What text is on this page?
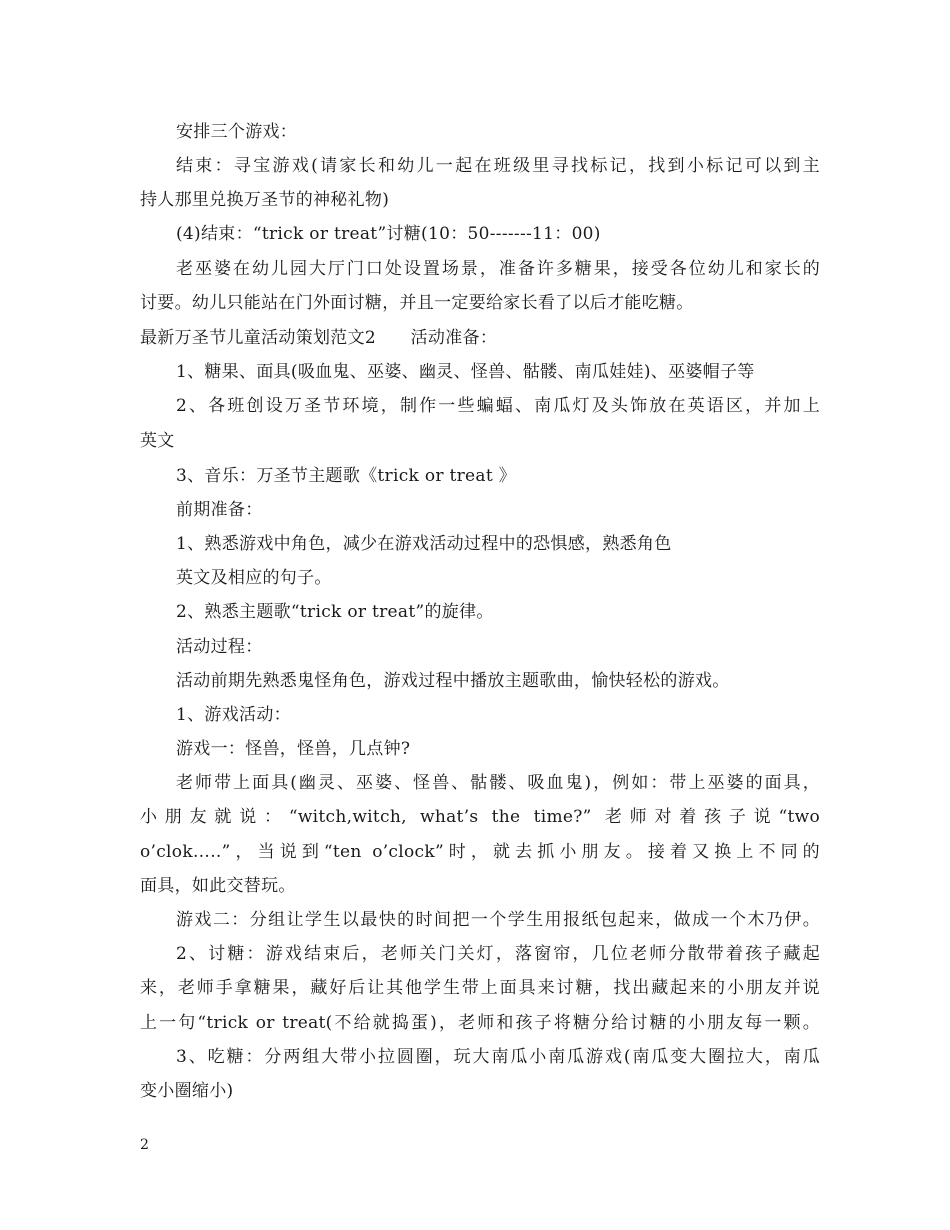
安排三个游戏：
结束：寻宝游戏(请家长和幼儿一起在班级里寻找标记，找到小标记可以到主
持人那里兑换万圣节的神秘礼物)
(4)结束：“trick or treat”讨糖(10：50-------11：00)
老巫婆在幼儿园大厅门口处设置场景，准备许多糖果，接受各位幼儿和家长的
讨要。幼儿只能站在门外面讨糖，并且一定要给家长看了以后才能吃糖。
最新万圣节儿童活动策划范文2　　活动准备：
1、糖果、面具(吸血鬼、巫婆、幽灵、怪兽、骷髅、南瓜娃娃)、巫婆帽子等
2、各班创设万圣节环境，制作一些蝙蝠、南瓜灯及头饰放在英语区，并加上
英文
3、音乐：万圣节主题歌《trick or treat 》
前期准备：
1、熟悉游戏中角色，减少在游戏活动过程中的恐惧感，熟悉角色
英文及相应的句子。
2、熟悉主题歌“trick or treat”的旋律。
活动过程：
活动前期先熟悉鬼怪角色，游戏过程中播放主题歌曲，愉快轻松的游戏。
1、游戏活动：
游戏一：怪兽，怪兽，几点钟?
老师带上面具(幽灵、巫婆、怪兽、骷髅、吸血鬼)，例如：带上巫婆的面具，
小朋友就说：“witch,witch, what’s the time?” 老师对着孩子说“two
o’clok…..”，当说到“ten o’clock”时，就去抓小朋友。接着又换上不同的
面具，如此交替玩。
游戏二：分组让学生以最快的时间把一个学生用报纸包起来，做成一个木乃伊。
2、讨糖：游戏结束后，老师关门关灯，落窗帘，几位老师分散带着孩子藏起
来，老师手拿糖果，藏好后让其他学生带上面具来讨糖，找出藏起来的小朋友并说
上一句“trick or treat(不给就捣蛋)，老师和孩子将糖分给讨糖的小朋友每一颗。
3、吃糖：分两组大带小拉圆圈，玩大南瓜小南瓜游戏(南瓜变大圈拉大，南瓜
变小圈缩小)
2
